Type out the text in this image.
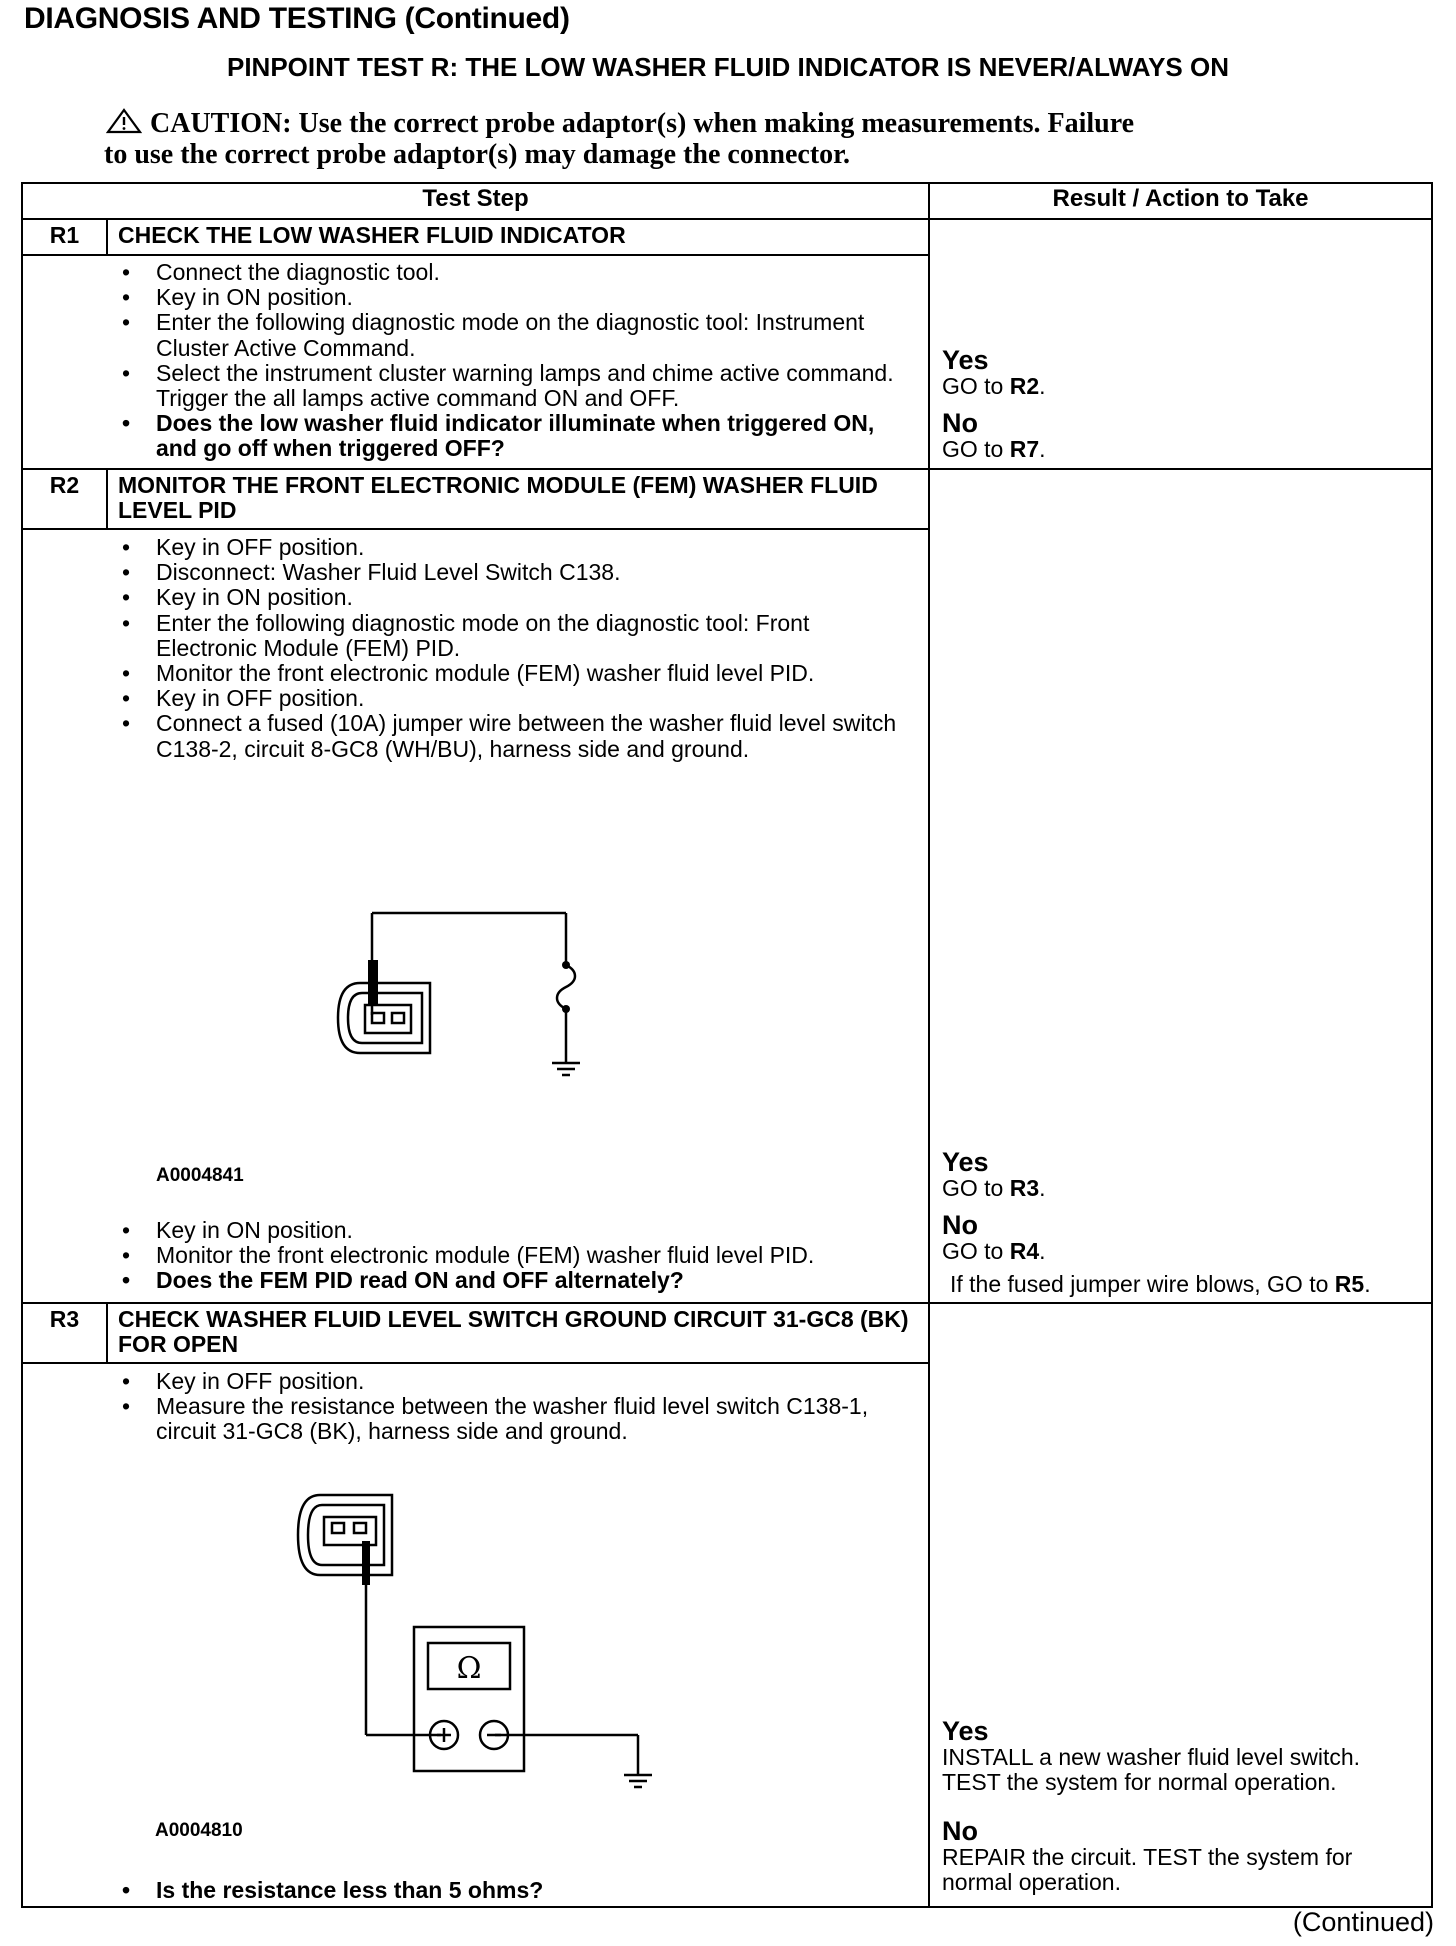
DIAGNOSIS AND TESTING (Continued)
PINPOINT TEST R: THE LOW WASHER FLUID INDICATOR IS NEVER/ALWAYS ON
CAUTION: Use the correct probe adaptor(s) when making measurements. Failure
to use the correct probe adaptor(s) may damage the connector.
Test Step	Result / Action to Take
R1	CHECK THE LOW WASHER FLUID INDICATOR
• Connect the diagnostic tool.
• Key in ON position.
• Enter the following diagnostic mode on the diagnostic tool: Instrument Cluster Active Command.
• Select the instrument cluster warning lamps and chime active command. Trigger the all lamps active command ON and OFF.
• Does the low washer fluid indicator illuminate when triggered ON, and go off when triggered OFF?
Yes
GO to R2.
No
GO to R7.
R2	MONITOR THE FRONT ELECTRONIC MODULE (FEM) WASHER FLUID LEVEL PID
• Key in OFF position.
• Disconnect: Washer Fluid Level Switch C138.
• Key in ON position.
• Enter the following diagnostic mode on the diagnostic tool: Front Electronic Module (FEM) PID.
• Monitor the front electronic module (FEM) washer fluid level PID.
• Key in OFF position.
• Connect a fused (10A) jumper wire between the washer fluid level switch C138-2, circuit 8-GC8 (WH/BU), harness side and ground.
A0004841
• Key in ON position.
• Monitor the front electronic module (FEM) washer fluid level PID.
• Does the FEM PID read ON and OFF alternately?
Yes
GO to R3.
No
GO to R4.
If the fused jumper wire blows, GO to R5.
R3	CHECK WASHER FLUID LEVEL SWITCH GROUND CIRCUIT 31-GC8 (BK) FOR OPEN
• Key in OFF position.
• Measure the resistance between the washer fluid level switch C138-1, circuit 31-GC8 (BK), harness side and ground.
Ω
A0004810
• Is the resistance less than 5 ohms?
Yes
INSTALL a new washer fluid level switch. TEST the system for normal operation.
No
REPAIR the circuit. TEST the system for normal operation.
(Continued)
